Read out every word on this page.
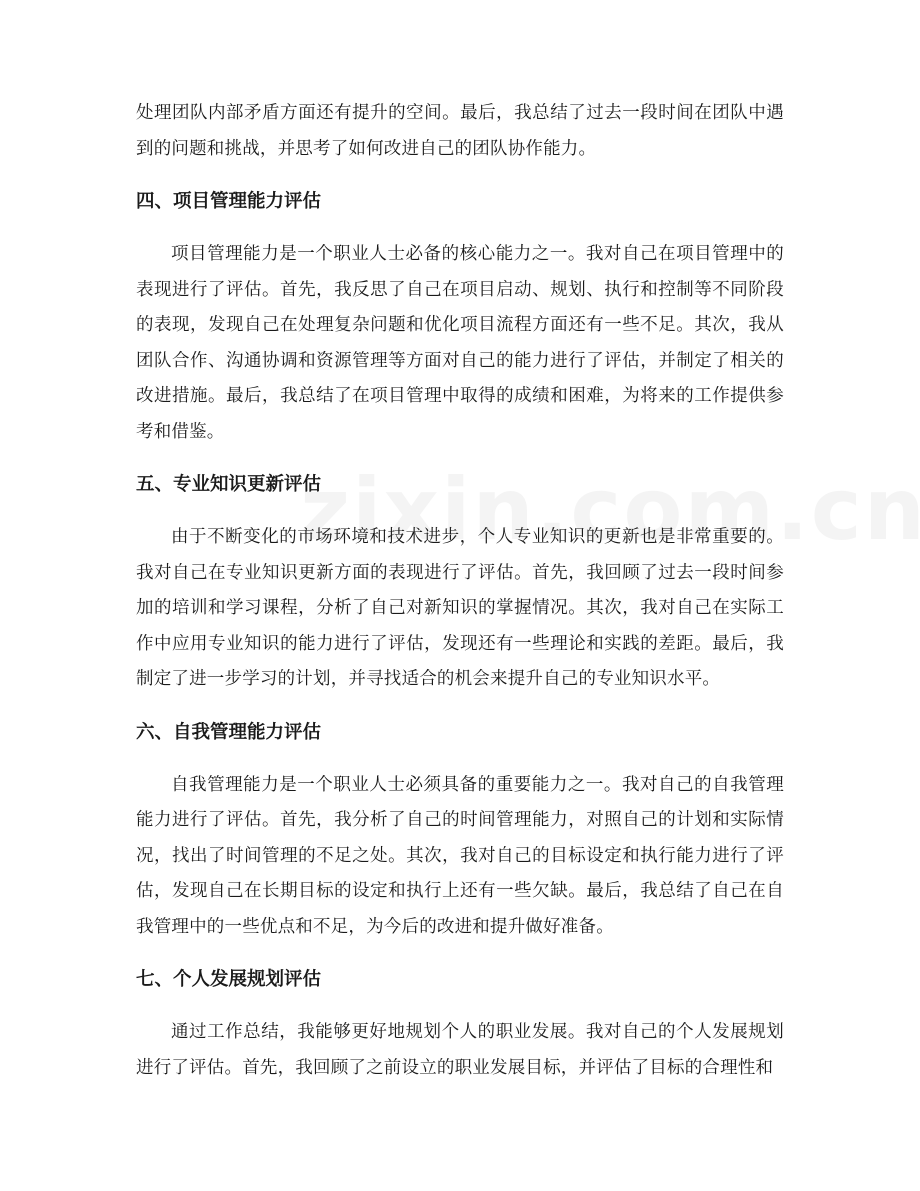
处理团队内部矛盾方面还有提升的空间。最后，我总结了过去一段时间在团队中遇到的问题和挑战，并思考了如何改进自己的团队协作能力。

四、项目管理能力评估

项目管理能力是一个职业人士必备的核心能力之一。我对自己在项目管理中的表现进行了评估。首先，我反思了自己在项目启动、规划、执行和控制等不同阶段的表现，发现自己在处理复杂问题和优化项目流程方面还有一些不足。其次，我从团队合作、沟通协调和资源管理等方面对自己的能力进行了评估，并制定了相关的改进措施。最后，我总结了在项目管理中取得的成绩和困难，为将来的工作提供参考和借鉴。

五、专业知识更新评估

由于不断变化的市场环境和技术进步，个人专业知识的更新也是非常重要的。我对自己在专业知识更新方面的表现进行了评估。首先，我回顾了过去一段时间参加的培训和学习课程，分析了自己对新知识的掌握情况。其次，我对自己在实际工作中应用专业知识的能力进行了评估，发现还有一些理论和实践的差距。最后，我制定了进一步学习的计划，并寻找适合的机会来提升自己的专业知识水平。

六、自我管理能力评估

自我管理能力是一个职业人士必须具备的重要能力之一。我对自己的自我管理能力进行了评估。首先，我分析了自己的时间管理能力，对照自己的计划和实际情况，找出了时间管理的不足之处。其次，我对自己的目标设定和执行能力进行了评估，发现自己在长期目标的设定和执行上还有一些欠缺。最后，我总结了自己在自我管理中的一些优点和不足，为今后的改进和提升做好准备。

七、个人发展规划评估

通过工作总结，我能够更好地规划个人的职业发展。我对自己的个人发展规划进行了评估。首先，我回顾了之前设立的职业发展目标，并评估了目标的合理性和
